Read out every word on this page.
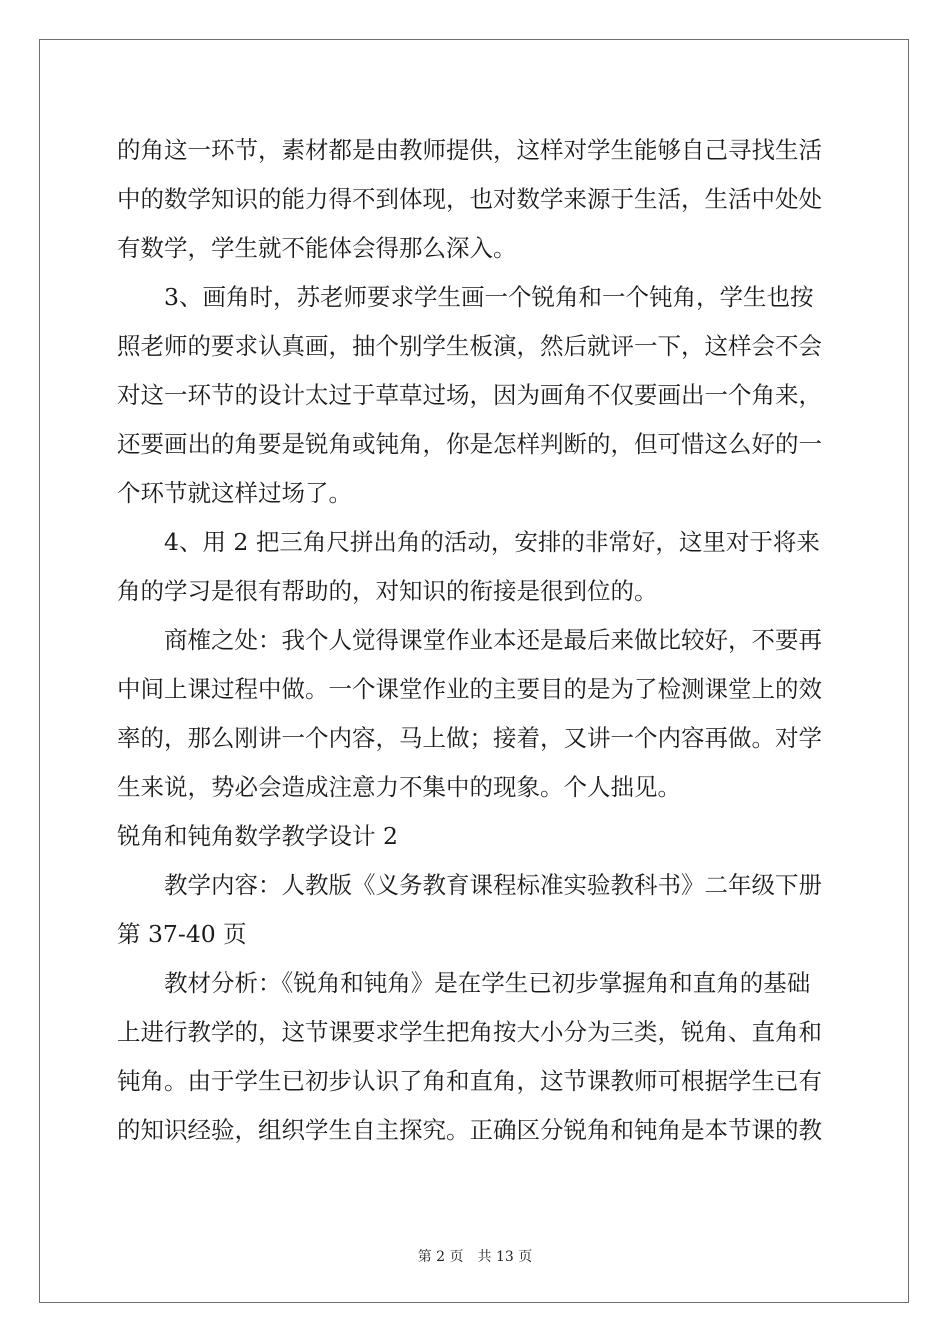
的角这一环节，素材都是由教师提供，这样对学生能够自己寻找生活
中的数学知识的能力得不到体现，也对数学来源于生活，生活中处处
有数学，学生就不能体会得那么深入。
3、画角时，苏老师要求学生画一个锐角和一个钝角，学生也按
照老师的要求认真画，抽个别学生板演，然后就评一下，这样会不会
对这一环节的设计太过于草草过场，因为画角不仅要画出一个角来，
还要画出的角要是锐角或钝角，你是怎样判断的，但可惜这么好的一
个环节就这样过场了。
4、用 2 把三角尺拼出角的活动，安排的非常好，这里对于将来
角的学习是很有帮助的，对知识的衔接是很到位的。
商榷之处：我个人觉得课堂作业本还是最后来做比较好，不要再
中间上课过程中做。一个课堂作业的主要目的是为了检测课堂上的效
率的，那么刚讲一个内容，马上做；接着，又讲一个内容再做。对学
生来说，势必会造成注意力不集中的现象。个人拙见。
锐角和钝角数学教学设计 2
教学内容：人教版《义务教育课程标准实验教科书》二年级下册
第 37-40 页
教材分析：《锐角和钝角》是在学生已初步掌握角和直角的基础
上进行教学的，这节课要求学生把角按大小分为三类，锐角、直角和
钝角。由于学生已初步认识了角和直角，这节课教师可根据学生已有
的知识经验，组织学生自主探究。正确区分锐角和钝角是本节课的教
第 2 页 共 13 页
